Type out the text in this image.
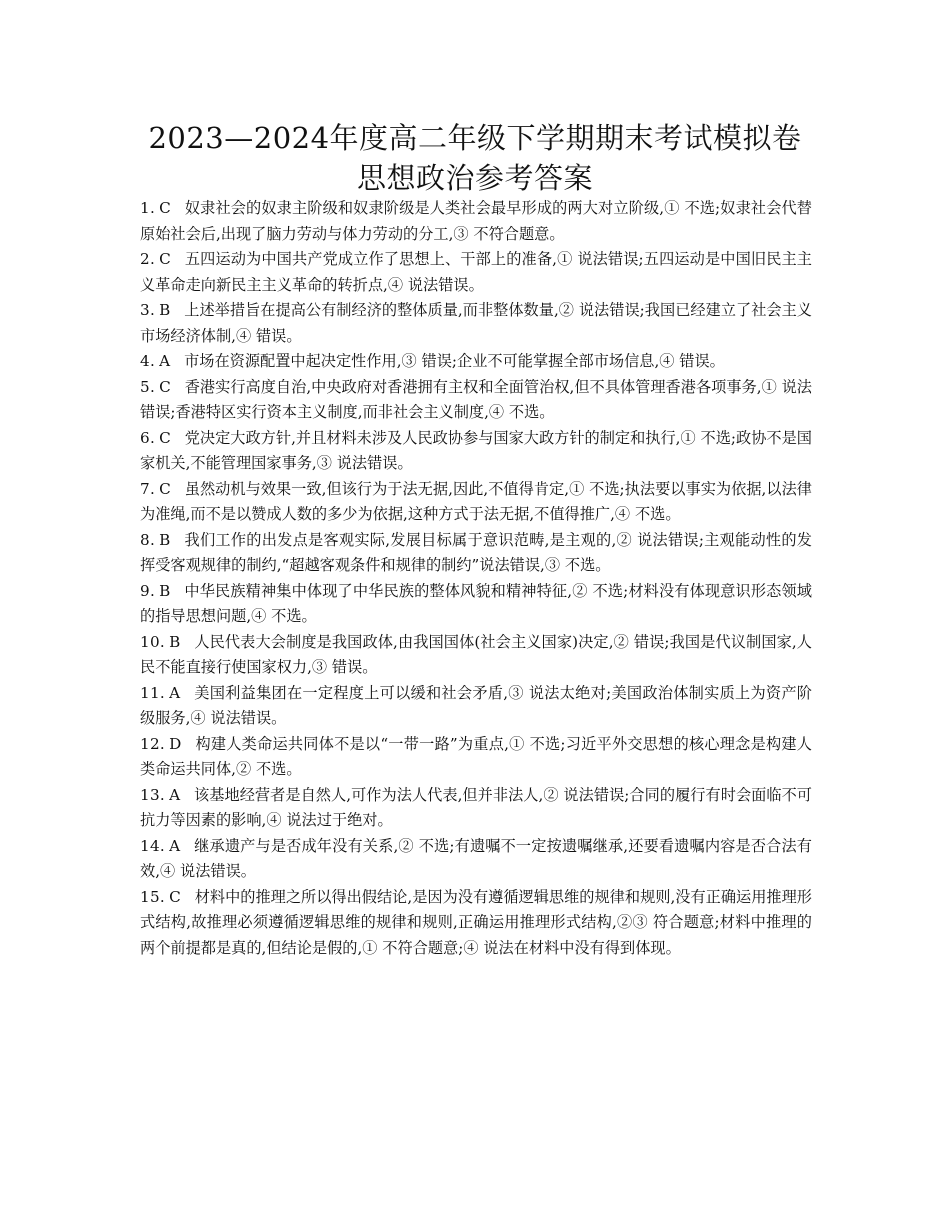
2023—2024年度高二年级下学期期末考试模拟卷
思想政治参考答案

1. C 奴隶社会的奴隶主阶级和奴隶阶级是人类社会最早形成的两大对立阶级,① 不选;奴隶社会代替原始社会后,出现了脑力劳动与体力劳动的分工,③ 不符合题意。

2. C 五四运动为中国共产党成立作了思想上、干部上的准备,① 说法错误;五四运动是中国旧民主主义革命走向新民主主义革命的转折点,④ 说法错误。

3. B 上述举措旨在提高公有制经济的整体质量,而非整体数量,② 说法错误;我国已经建立了社会主义市场经济体制,④ 错误。

4. A 市场在资源配置中起决定性作用,③ 错误;企业不可能掌握全部市场信息,④ 错误。

5. C 香港实行高度自治,中央政府对香港拥有主权和全面管治权,但不具体管理香港各项事务,① 说法错误;香港特区实行资本主义制度,而非社会主义制度,④ 不选。

6. C 党决定大政方针,并且材料未涉及人民政协参与国家大政方针的制定和执行,① 不选;政协不是国家机关,不能管理国家事务,③ 说法错误。

7. C 虽然动机与效果一致,但该行为于法无据,因此,不值得肯定,① 不选;执法要以事实为依据,以法律为准绳,而不是以赞成人数的多少为依据,这种方式于法无据,不值得推广,④ 不选。

8. B 我们工作的出发点是客观实际,发展目标属于意识范畴,是主观的,② 说法错误;主观能动性的发挥受客观规律的制约,“超越客观条件和规律的制约”说法错误,③ 不选。

9. B 中华民族精神集中体现了中华民族的整体风貌和精神特征,② 不选;材料没有体现意识形态领域的指导思想问题,④ 不选。

10. B 人民代表大会制度是我国政体,由我国国体(社会主义国家)决定,② 错误;我国是代议制国家,人民不能直接行使国家权力,③ 错误。

11. A 美国利益集团在一定程度上可以缓和社会矛盾,③ 说法太绝对;美国政治体制实质上为资产阶级服务,④ 说法错误。

12. D 构建人类命运共同体不是以“一带一路”为重点,① 不选;习近平外交思想的核心理念是构建人类命运共同体,② 不选。

13. A 该基地经营者是自然人,可作为法人代表,但并非法人,② 说法错误;合同的履行有时会面临不可抗力等因素的影响,④ 说法过于绝对。

14. A 继承遗产与是否成年没有关系,② 不选;有遗嘱不一定按遗嘱继承,还要看遗嘱内容是否合法有效,④ 说法错误。

15. C 材料中的推理之所以得出假结论,是因为没有遵循逻辑思维的规律和规则,没有正确运用推理形式结构,故推理必须遵循逻辑思维的规律和规则,正确运用推理形式结构,②③ 符合题意;材料中推理的两个前提都是真的,但结论是假的,① 不符合题意;④ 说法在材料中没有得到体现。
